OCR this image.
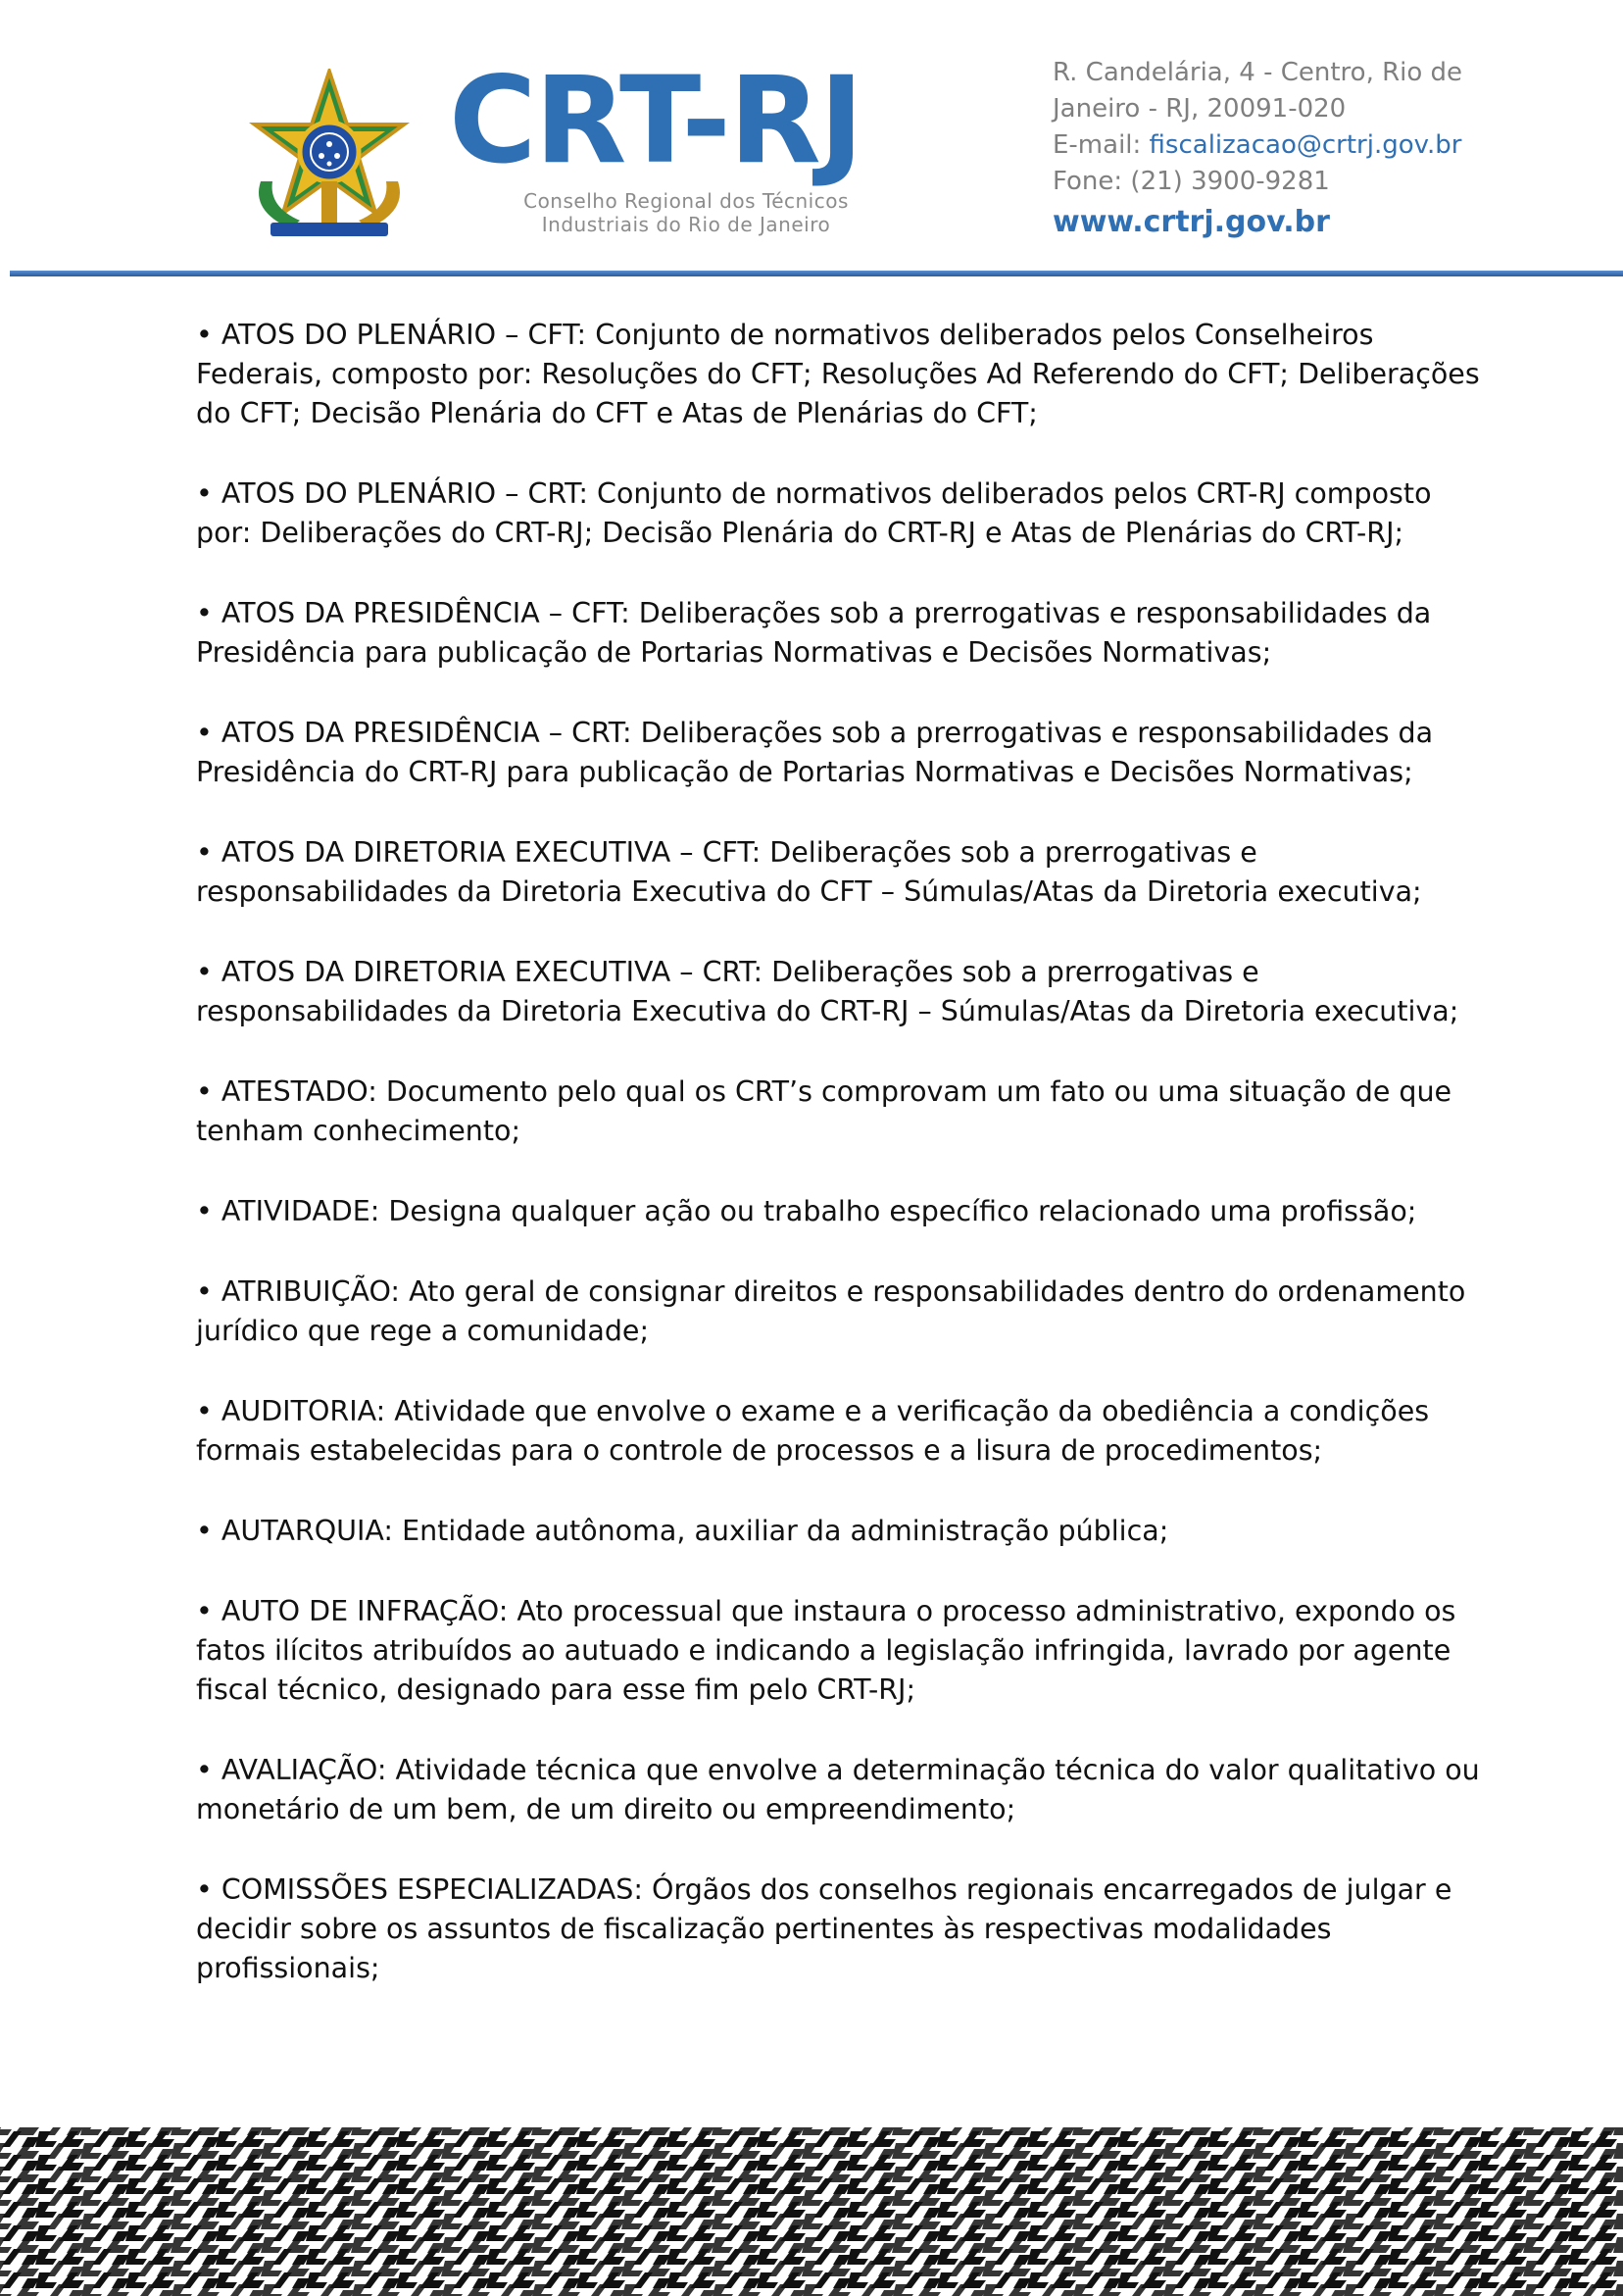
CRT-RJ
Conselho Regional dos Técnicos
Industriais do Rio de Janeiro
R. Candelária, 4 - Centro, Rio de
Janeiro - RJ, 20091-020
E-mail: fiscalizacao@crtrj.gov.br
Fone: (21) 3900-9281
www.crtrj.gov.br

• ATOS DO PLENÁRIO – CFT: Conjunto de normativos deliberados pelos Conselheiros Federais, composto por: Resoluções do CFT; Resoluções Ad Referendo do CFT; Deliberações do CFT; Decisão Plenária do CFT e Atas de Plenárias do CFT;

• ATOS DO PLENÁRIO – CRT: Conjunto de normativos deliberados pelos CRT-RJ composto por: Deliberações do CRT-RJ; Decisão Plenária do CRT-RJ e Atas de Plenárias do CRT-RJ;

• ATOS DA PRESIDÊNCIA – CFT: Deliberações sob a prerrogativas e responsabilidades da Presidência para publicação de Portarias Normativas e Decisões Normativas;

• ATOS DA PRESIDÊNCIA – CRT: Deliberações sob a prerrogativas e responsabilidades da Presidência do CRT-RJ para publicação de Portarias Normativas e Decisões Normativas;

• ATOS DA DIRETORIA EXECUTIVA – CFT: Deliberações sob a prerrogativas e responsabilidades da Diretoria Executiva do CFT – Súmulas/Atas da Diretoria executiva;

• ATOS DA DIRETORIA EXECUTIVA – CRT: Deliberações sob a prerrogativas e responsabilidades da Diretoria Executiva do CRT-RJ – Súmulas/Atas da Diretoria executiva;

• ATESTADO: Documento pelo qual os CRT’s comprovam um fato ou uma situação de que tenham conhecimento;

• ATIVIDADE: Designa qualquer ação ou trabalho específico relacionado uma profissão;

• ATRIBUIÇÃO: Ato geral de consignar direitos e responsabilidades dentro do ordenamento jurídico que rege a comunidade;

• AUDITORIA: Atividade que envolve o exame e a verificação da obediência a condições formais estabelecidas para o controle de processos e a lisura de procedimentos;

• AUTARQUIA: Entidade autônoma, auxiliar da administração pública;

• AUTO DE INFRAÇÃO: Ato processual que instaura o processo administrativo, expondo os fatos ilícitos atribuídos ao autuado e indicando a legislação infringida, lavrado por agente fiscal técnico, designado para esse fim pelo CRT-RJ;

• AVALIAÇÃO: Atividade técnica que envolve a determinação técnica do valor qualitativo ou monetário de um bem, de um direito ou empreendimento;

• COMISSÕES ESPECIALIZADAS: Órgãos dos conselhos regionais encarregados de julgar e decidir sobre os assuntos de fiscalização pertinentes às respectivas modalidades profissionais;
